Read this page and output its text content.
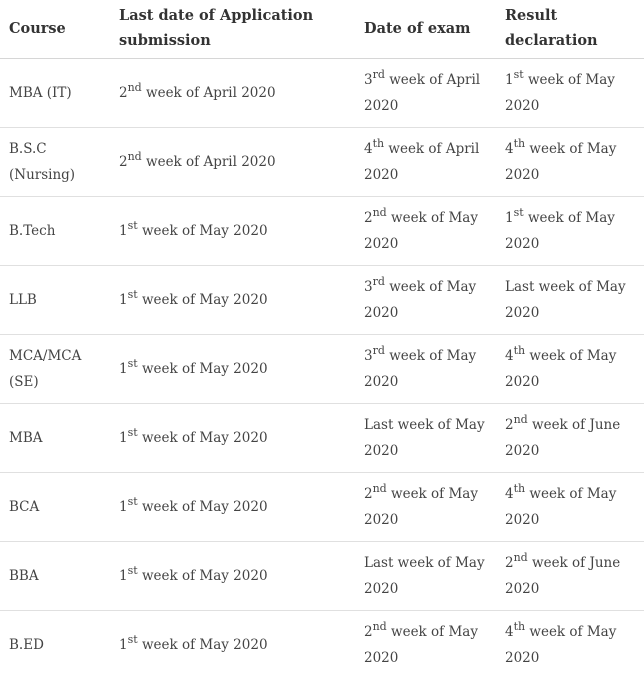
Course	Last date of Application submission	Date of exam	Result declaration

MBA (IT)	2nd week of April 2020	3rd week of April 2020	1st week of May 2020

B.S.C (Nursing)	2nd week of April 2020	4th week of April 2020	4th week of May 2020

B.Tech	1st week of May 2020	2nd week of May 2020	1st week of May 2020

LLB	1st week of May 2020	3rd week of May 2020	Last week of May 2020

MCA/MCA (SE)	1st week of May 2020	3rd week of May 2020	4th week of May 2020

MBA	1st week of May 2020	Last week of May 2020	2nd week of June 2020

BCA	1st week of May 2020	2nd week of May 2020	4th week of May 2020

BBA	1st week of May 2020	Last week of May 2020	2nd week of June 2020

B.ED	1st week of May 2020	2nd week of May 2020	4th week of May 2020
